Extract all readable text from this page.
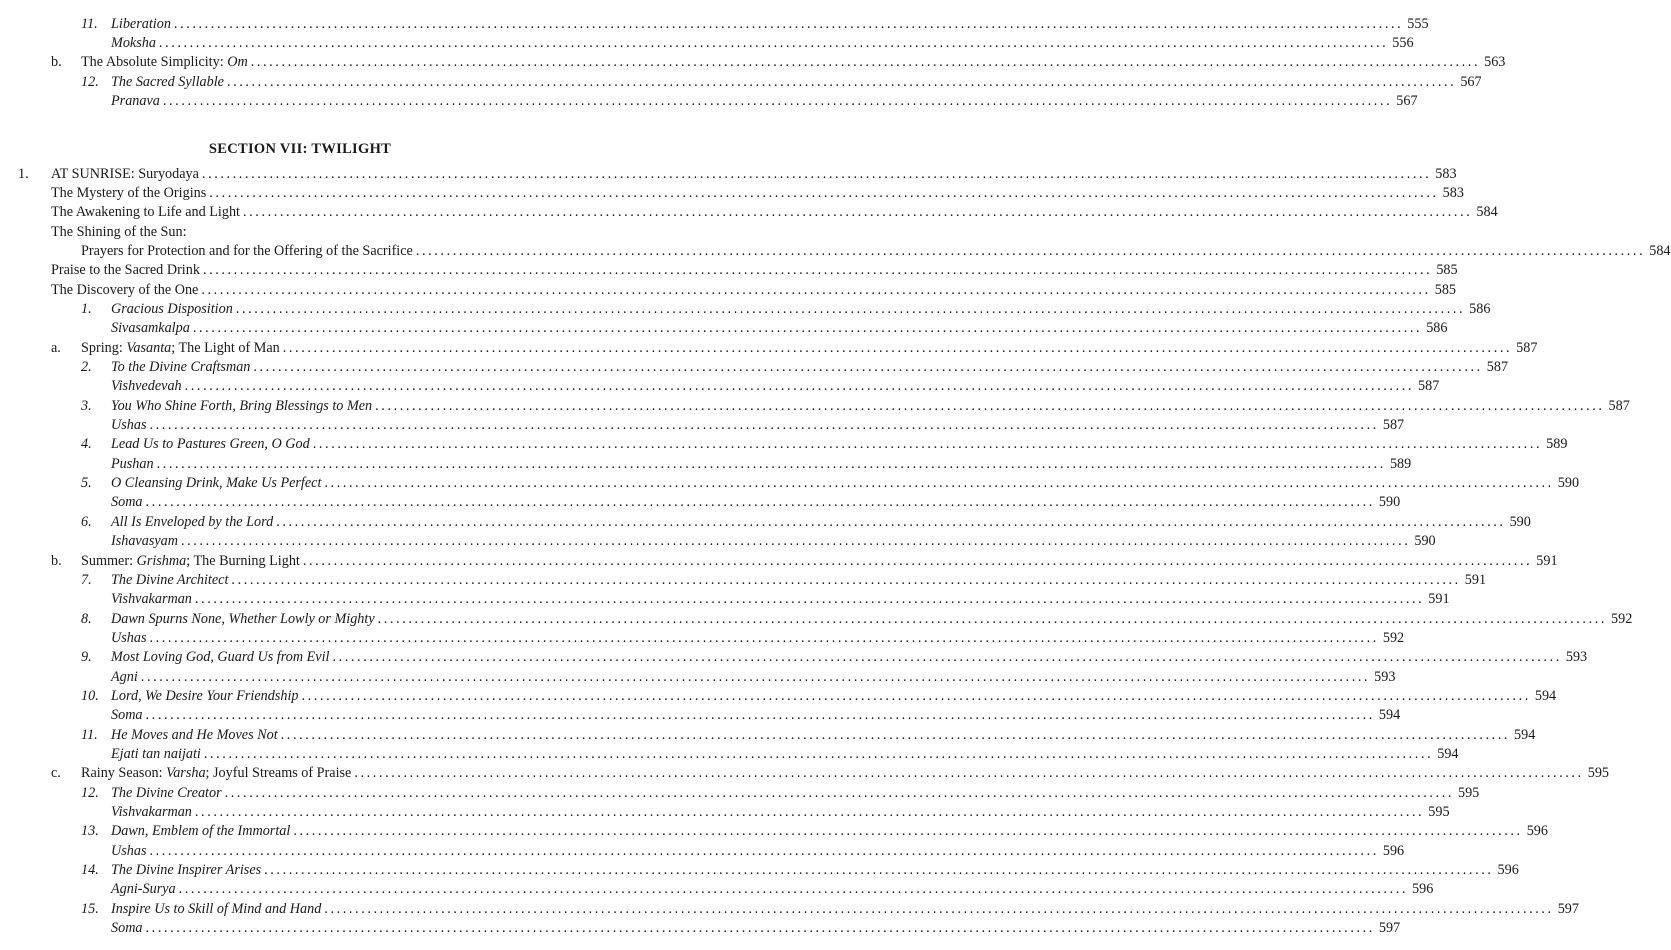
SECTION VII: TWILIGHT
11. Liberation ........................................................................................................................................................................................................ 555
Moksha ........................................................................................................................................................................................................ 556
b. The Absolute Simplicity: Om ........................................................................................................................................................................................................ 563
12. The Sacred Syllable ........................................................................................................................................................................................................ 567
Pranava ........................................................................................................................................................................................................ 567
1. AT SUNRISE: Suryodaya ........................................................................................................................................................................................................ 583
The Mystery of the Origins ........................................................................................................................................................................................................ 583
The Awakening to Life and Light ........................................................................................................................................................................................................ 584
The Shining of the Sun:
Prayers for Protection and for the Offering of the Sacrifice ........................................................................................................................................................................................................ 584
Praise to the Sacred Drink ........................................................................................................................................................................................................ 585
The Discovery of the One ........................................................................................................................................................................................................ 585
1. Gracious Disposition ........................................................................................................................................................................................................ 586
Sivasamkalpa ........................................................................................................................................................................................................ 586
a. Spring: Vasanta; The Light of Man ........................................................................................................................................................................................................ 587
2. To the Divine Craftsman ........................................................................................................................................................................................................ 587
Vishvedevah ........................................................................................................................................................................................................ 587
3. You Who Shine Forth, Bring Blessings to Men ........................................................................................................................................................................................................ 587
Ushas ........................................................................................................................................................................................................ 587
4. Lead Us to Pastures Green, O God ........................................................................................................................................................................................................ 589
Pushan ........................................................................................................................................................................................................ 589
5. O Cleansing Drink, Make Us Perfect ........................................................................................................................................................................................................ 590
Soma ........................................................................................................................................................................................................ 590
6. All Is Enveloped by the Lord ........................................................................................................................................................................................................ 590
Ishavasyam ........................................................................................................................................................................................................ 590
b. Summer: Grishma; The Burning Light ........................................................................................................................................................................................................ 591
7. The Divine Architect ........................................................................................................................................................................................................ 591
Vishvakarman ........................................................................................................................................................................................................ 591
8. Dawn Spurns None, Whether Lowly or Mighty ........................................................................................................................................................................................................ 592
Ushas ........................................................................................................................................................................................................ 592
9. Most Loving God, Guard Us from Evil ........................................................................................................................................................................................................ 593
Agni ........................................................................................................................................................................................................ 593
10. Lord, We Desire Your Friendship ........................................................................................................................................................................................................ 594
Soma ........................................................................................................................................................................................................ 594
11. He Moves and He Moves Not ........................................................................................................................................................................................................ 594
Ejati tan naijati ........................................................................................................................................................................................................ 594
c. Rainy Season: Varsha; Joyful Streams of Praise ........................................................................................................................................................................................................ 595
12. The Divine Creator ........................................................................................................................................................................................................ 595
Vishvakarman ........................................................................................................................................................................................................ 595
13. Dawn, Emblem of the Immortal ........................................................................................................................................................................................................ 596
Ushas ........................................................................................................................................................................................................ 596
14. The Divine Inspirer Arises ........................................................................................................................................................................................................ 596
Agni-Surya ........................................................................................................................................................................................................ 596
15. Inspire Us to Skill of Mind and Hand ........................................................................................................................................................................................................ 597
Soma ........................................................................................................................................................................................................ 597
